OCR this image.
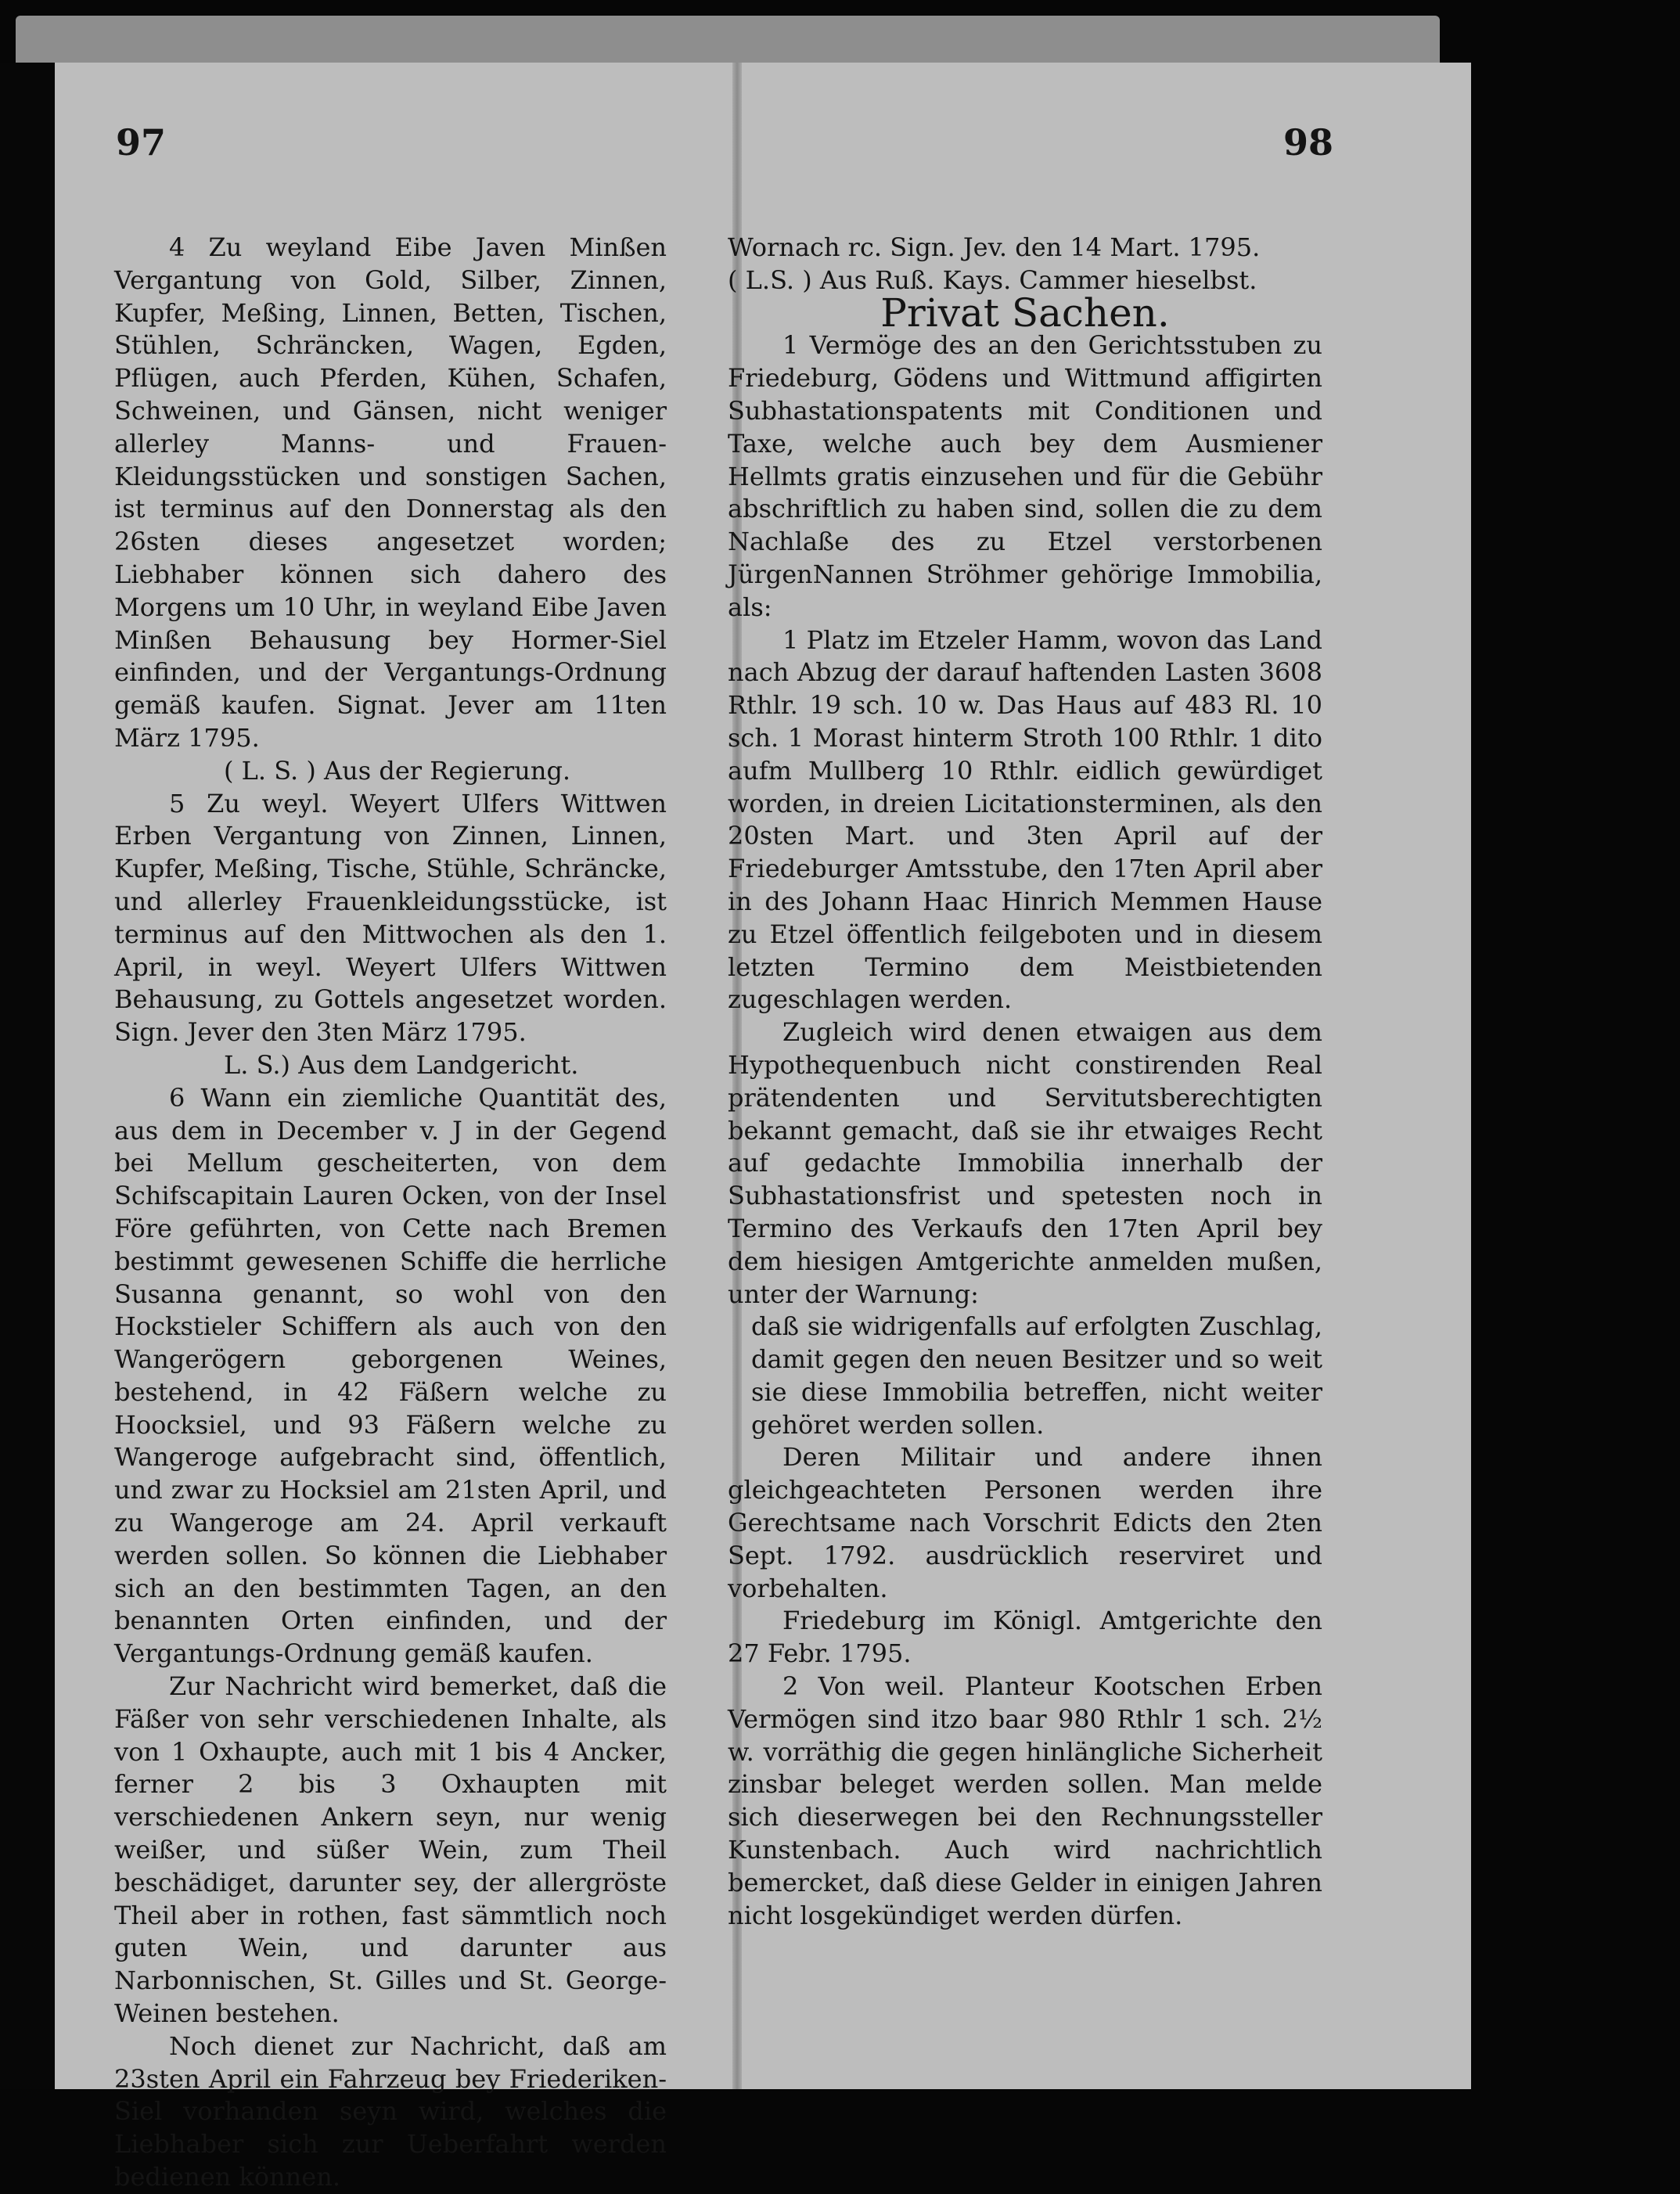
97	98

4 Zu weyland Eibe Javen Minßen Vergantung von Gold, Silber, Zinnen, Kupfer, Meßing, Linnen, Betten, Tischen, Stühlen, Schräncken, Wagen, Egden, Pflügen, auch Pferden, Kühen, Schafen, Schweinen, und Gänsen, nicht weniger allerley Manns- und Frauen-Kleidungsstücken und sonstigen Sachen, ist terminus auf den Donnerstag als den 26sten dieses angesetzet worden; Liebhaber können sich dahero des Morgens um 10 Uhr, in weyland Eibe Javen Minßen Behausung bey Hormer-Siel einfinden, und der Vergantungs-Ordnung gemäß kaufen. Signat. Jever am 11ten März 1795.

( L. S. ) Aus der Regierung.

5 Zu weyl. Weyert Ulfers Wittwen Erben Vergantung von Zinnen, Linnen, Kupfer, Meßing, Tische, Stühle, Schräncke, und allerley Frauenkleidungsstücke, ist terminus auf den Mittwochen als den 1. April, in weyl. Weyert Ulfers Wittwen Behausung, zu Gottels angesetzet worden. Sign. Jever den 3ten März 1795.

L. S.) Aus dem Landgericht.

6 Wann ein ziemliche Quantität des, aus dem in December v. J in der Gegend bei Mellum gescheiterten, von dem Schifscapitain Lauren Ocken, von der Insel Före geführten, von Cette nach Bremen bestimmt gewesenen Schiffe die herrliche Susanna genannt, so wohl von den Hockstieler Schiffern als auch von den Wangerögern geborgenen Weines, bestehend, in 42 Fäßern welche zu Hoocksiel, und 93 Fäßern welche zu Wangeroge aufgebracht sind, öffentlich, und zwar zu Hocksiel am 21sten April, und zu Wangeroge am 24. April verkauft werden sollen. So können die Liebhaber sich an den bestimmten Tagen, an den benannten Orten einfinden, und der Vergantungs-Ordnung gemäß kaufen.

Zur Nachricht wird bemerket, daß die Fäßer von sehr verschiedenen Inhalte, als von 1 Oxhaupte, auch mit 1 bis 4 Ancker, ferner 2 bis 3 Oxhaupten mit verschiedenen Ankern seyn, nur wenig weißer, und süßer Wein, zum Theil beschädiget, darunter sey, der allergröste Theil aber in rothen, fast sämmtlich noch guten Wein, und darunter aus Narbonnischen, St. Gilles und St. George-Weinen bestehen.

Noch dienet zur Nachricht, daß am 23sten April ein Fahrzeug bey Friederiken-Siel vorhanden seyn wird, welches die Liebhaber sich zur Ueberfahrt werden bedienen können.

Wornach rc. Sign. Jev. den 14 Mart. 1795.

( L.S. ) Aus Ruß. Kays. Cammer hieselbst.

Privat Sachen.

1 Vermöge des an den Gerichtsstuben zu Friedeburg, Gödens und Wittmund affigirten Subhastationspatents mit Conditionen und Taxe, welche auch bey dem Ausmiener Hellmts gratis einzusehen und für die Gebühr abschriftlich zu haben sind, sollen die zu dem Nachlaße des zu Etzel verstorbenen JürgenNannen Ströhmer gehörige Immobilia, als:

1 Platz im Etzeler Hamm, wovon das Land nach Abzug der darauf haftenden Lasten 3608 Rthlr. 19 sch. 10 w. Das Haus auf 483 Rl. 10 sch. 1 Morast hinterm Stroth 100 Rthlr. 1 dito aufm Mullberg 10 Rthlr. eidlich gewürdiget worden, in dreien Licitationsterminen, als den 20sten Mart. und 3ten April auf der Friedeburger Amtsstube, den 17ten April aber in des Johann Haac Hinrich Memmen Hause zu Etzel öffentlich feilgeboten und in diesem letzten Termino dem Meistbietenden zugeschlagen werden.

Zugleich wird denen etwaigen aus dem Hypothequenbuch nicht constirenden Real prätendenten und Servitutsberechtigten bekannt gemacht, daß sie ihr etwaiges Recht auf gedachte Immobilia innerhalb der Subhastationsfrist und spetesten noch in Termino des Verkaufs den 17ten April bey dem hiesigen Amtgerichte anmelden mußen, unter der Warnung:

daß sie widrigenfalls auf erfolgten Zuschlag, damit gegen den neuen Besitzer und so weit sie diese Immobilia betreffen, nicht weiter gehöret werden sollen.

Deren Militair und andere ihnen gleichgeachteten Personen werden ihre Gerechtsame nach Vorschrit Edicts den 2ten Sept. 1792. ausdrücklich reserviret und vorbehalten.

Friedeburg im Königl. Amtgerichte den 27 Febr. 1795.

2 Von weil. Planteur Kootschen Erben Vermögen sind itzo baar 980 Rthlr 1 sch. 2½ w. vorräthig die gegen hinlängliche Sicherheit zinsbar beleget werden sollen. Man melde sich dieserwegen bei den Rechnungssteller Kunstenbach. Auch wird nachrichtlich bemercket, daß diese Gelder in einigen Jahren nicht losgekündiget werden dürfen.
